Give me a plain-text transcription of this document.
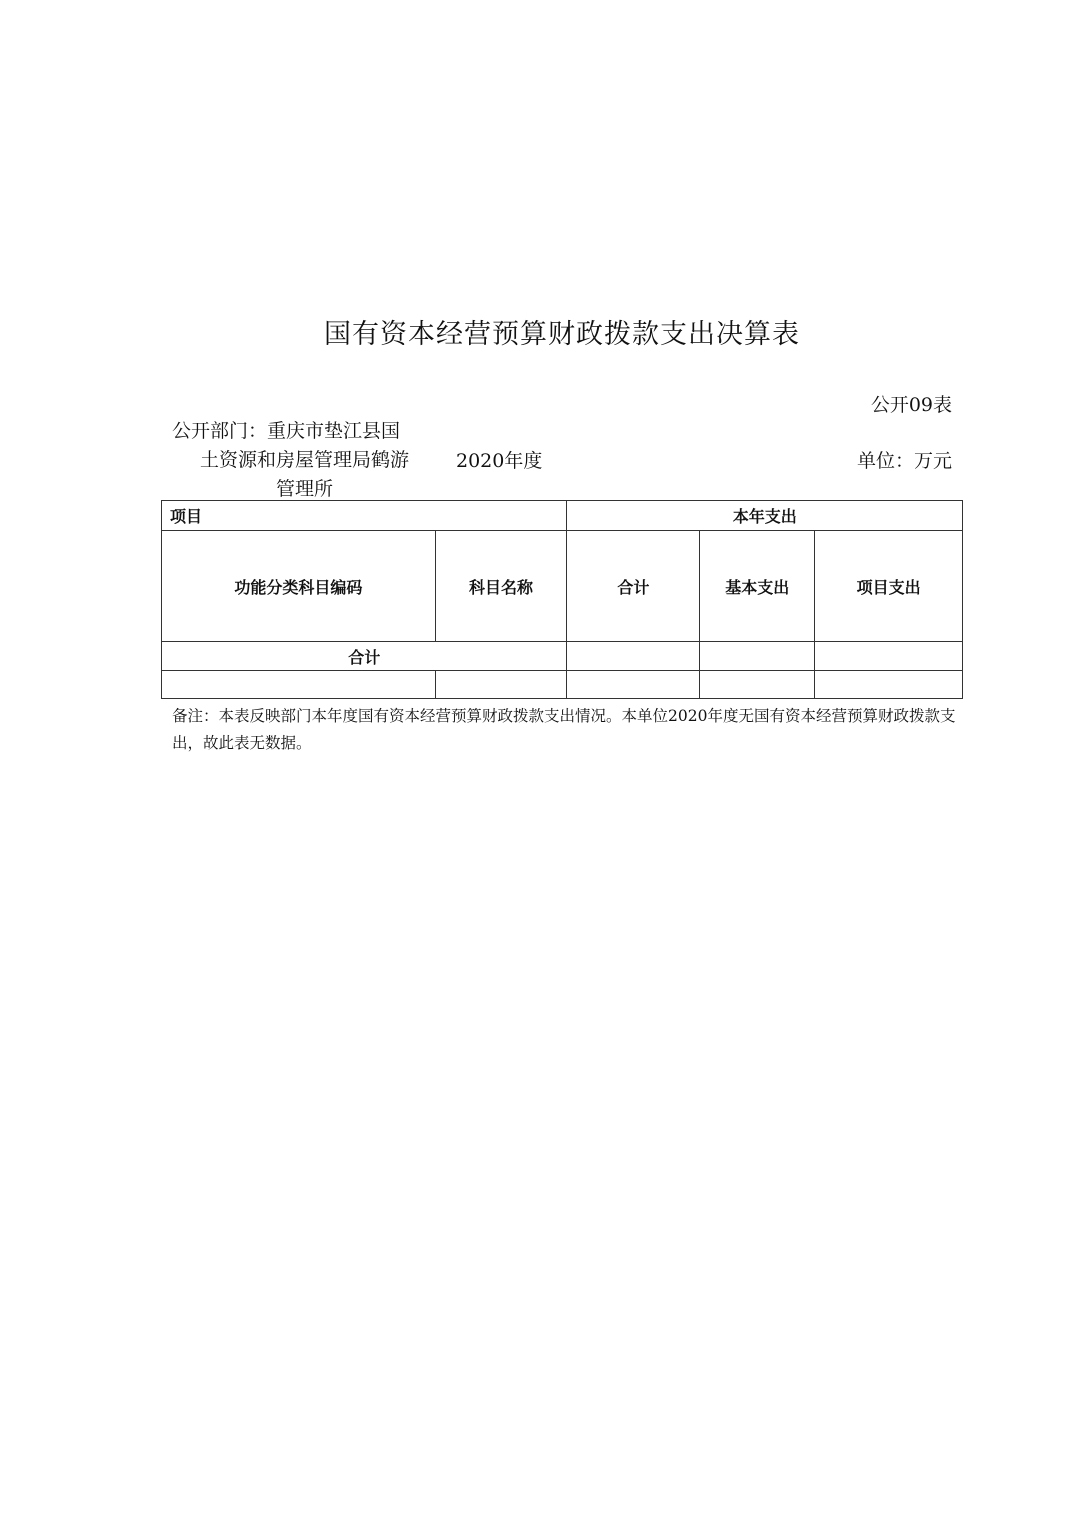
国有资本经营预算财政拨款支出决算表
公开09表
公开部门：重庆市垫江县国
土资源和房屋管理局鹤游
管理所
2020年度	单位：万元
项目		本年支出		
功能分类科目编码	科目名称	合计	基本支出	项目支出
合计				

备注：本表反映部门本年度国有资本经营预算财政拨款支出情况。本单位2020年度无国有资本经营预算财政拨款支出，故此表无数据。
